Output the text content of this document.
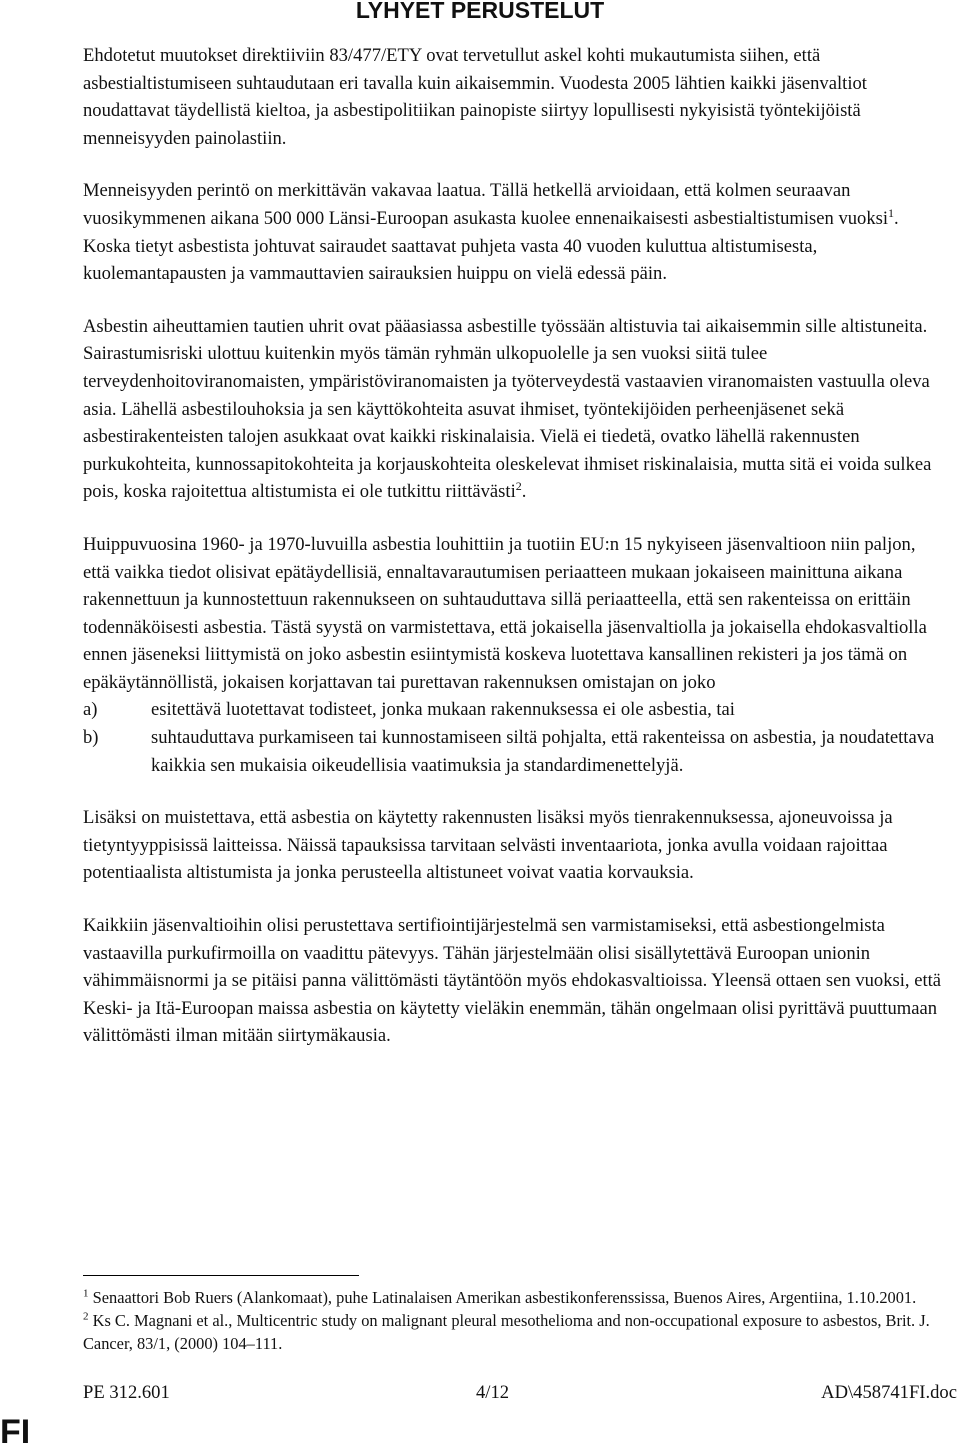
LYHYET PERUSTELUT

Ehdotetut muutokset direktiiviin 83/477/ETY ovat tervetullut askel kohti mukautumista siihen, että asbestialtistumiseen suhtaudutaan eri tavalla kuin aikaisemmin. Vuodesta 2005 lähtien kaikki jäsenvaltiot noudattavat täydellistä kieltoa, ja asbestipolitiikan painopiste siirtyy lopullisesti nykyisistä työntekijöistä menneisyyden painolastiin.

Menneisyyden perintö on merkittävän vakavaa laatua. Tällä hetkellä arvioidaan, että kolmen seuraavan vuosikymmenen aikana 500 000 Länsi-Euroopan asukasta kuolee ennenaikaisesti asbestialtistumisen vuoksi$^1$. Koska tietyt asbestista johtuvat sairaudet saattavat puhjeta vasta 40 vuoden kuluttua altistumisesta, kuolemantapausten ja vammauttavien sairauksien huippu on vielä edessä päin.

Asbestin aiheuttamien tautien uhrit ovat pääasiassa asbestille työssään altistuvia tai aikaisemmin sille altistuneita. Sairastumisriski ulottuu kuitenkin myös tämän ryhmän ulkopuolelle ja sen vuoksi siitä tulee terveydenhoitoviranomaisten, ympäristöviranomaisten ja työterveydestä vastaavien viranomaisten vastuulla oleva asia. Lähellä asbestilouhoksia ja sen käyttökohteita asuvat ihmiset, työntekijöiden perheenjäsenet sekä asbestirakenteisten talojen asukkaat ovat kaikki riskinalaisia. Vielä ei tiedetä, ovatko lähellä rakennusten purkukohteita, kunnossapitokohteita ja korjauskohteita oleskelevat ihmiset riskinalaisia, mutta sitä ei voida sulkea pois, koska rajoitettua altistumista ei ole tutkittu riittävästi$^2$.

Huippuvuosina 1960- ja 1970-luvuilla asbestia louhittiin ja tuotiin EU:n 15 nykyiseen jäsenvaltioon niin paljon, että vaikka tiedot olisivat epätäydellisiä, ennaltavarautumisen periaatteen mukaan jokaiseen mainittuna aikana rakennettuun ja kunnostettuun rakennukseen on suhtauduttava sillä periaatteella, että sen rakenteissa on erittäin todennäköisesti asbestia. Tästä syystä on varmistettava, että jokaisella jäsenvaltiolla ja jokaisella ehdokasvaltiolla ennen jäseneksi liittymistä on joko asbestin esiintymistä koskeva luotettava kansallinen rekisteri ja jos tämä on epäkäytännöllistä, jokaisen korjattavan tai purettavan rakennuksen omistajan on joko

a)	esitettävä luotettavat todisteet, jonka mukaan rakennuksessa ei ole asbestia, tai
b)	suhtauduttava purkamiseen tai kunnostamiseen siltä pohjalta, että rakenteissa on asbestia, ja noudatettava kaikkia sen mukaisia oikeudellisia vaatimuksia ja standardimenettelyjä.

Lisäksi on muistettava, että asbestia on käytetty rakennusten lisäksi myös tienrakennuksessa, ajoneuvoissa ja tietyntyyppisissä laitteissa. Näissä tapauksissa tarvitaan selvästi inventaariota, jonka avulla voidaan rajoittaa potentiaalista altistumista ja jonka perusteella altistuneet voivat vaatia korvauksia.

Kaikkiin jäsenvaltioihin olisi perustettava sertifiointijärjestelmä sen varmistamiseksi, että asbestiongelmista vastaavilla purkufirmoilla on vaadittu pätevyys. Tähän järjestelmään olisi sisällytettävä Euroopan unionin vähimmäisnormi ja se pitäisi panna välittömästi täytäntöön myös ehdokasvaltioissa. Yleensä ottaen sen vuoksi, että Keski- ja Itä-Euroopan maissa asbestia on käytetty vieläkin enemmän, tähän ongelmaan olisi pyrittävä puuttumaan välittömästi ilman mitään siirtymäkausia.

$^1$ Senaattori Bob Ruers (Alankomaat), puhe Latinalaisen Amerikan asbestikonferenssissa, Buenos Aires, Argentiina, 1.10.2001.

$^2$ Ks C. Magnani et al., Multicentric study on malignant pleural mesothelioma and non-occupational exposure to asbestos, Brit. J. Cancer, 83/1, (2000) 104–111.

PE 312.601	4/12	AD\458741FI.doc
FI
